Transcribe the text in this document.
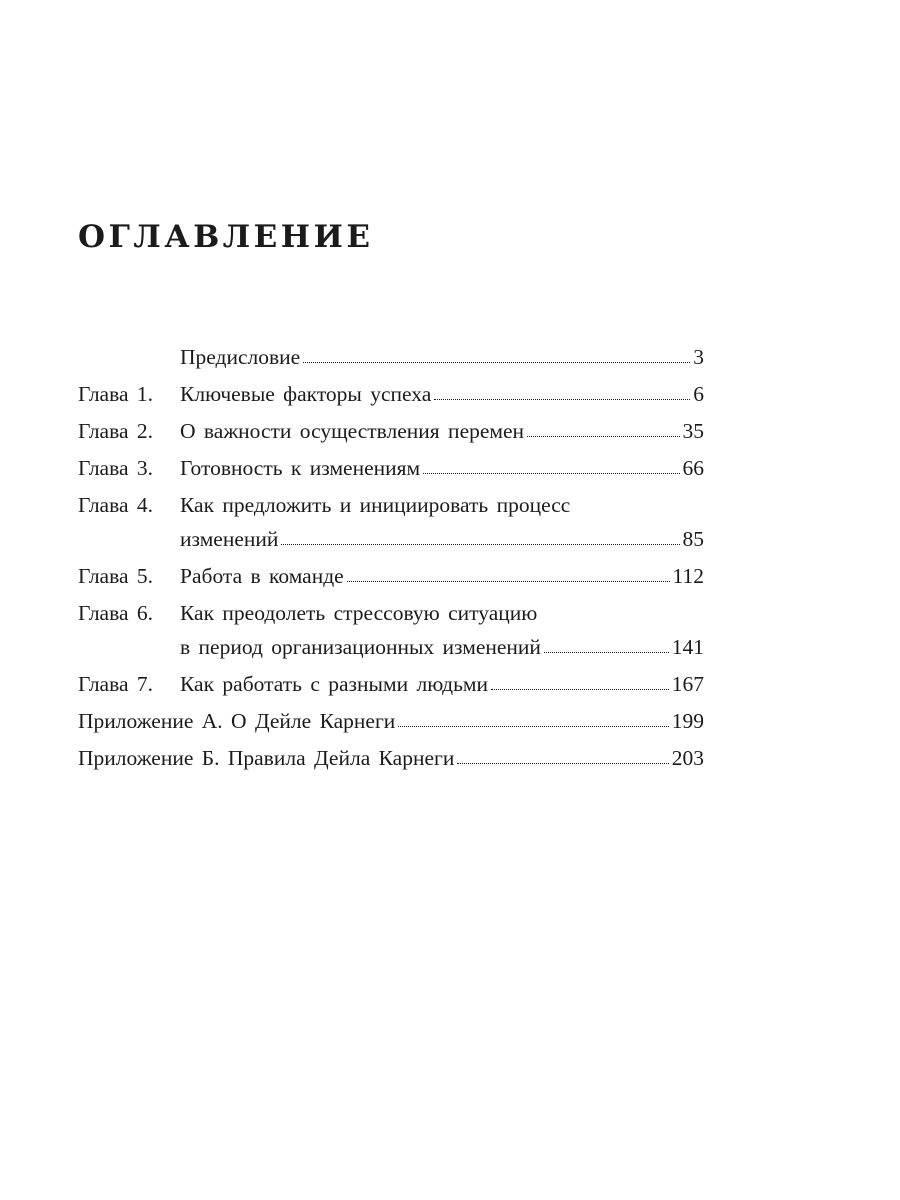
ОГЛАВЛЕНИЕ
Предисловие	3
Глава 1.	Ключевые факторы успеха	6
Глава 2.	О важности осуществления перемен	35
Глава 3.	Готовность к изменениям	66
Глава 4.	Как предложить и инициировать процесс
изменений	85
Глава 5.	Работа в команде	112
Глава 6.	Как преодолеть стрессовую ситуацию
в период организационных изменений	141
Глава 7.	Как работать с разными людьми	167
Приложение А. О Дейле Карнеги	199
Приложение Б. Правила Дейла Карнеги	203
